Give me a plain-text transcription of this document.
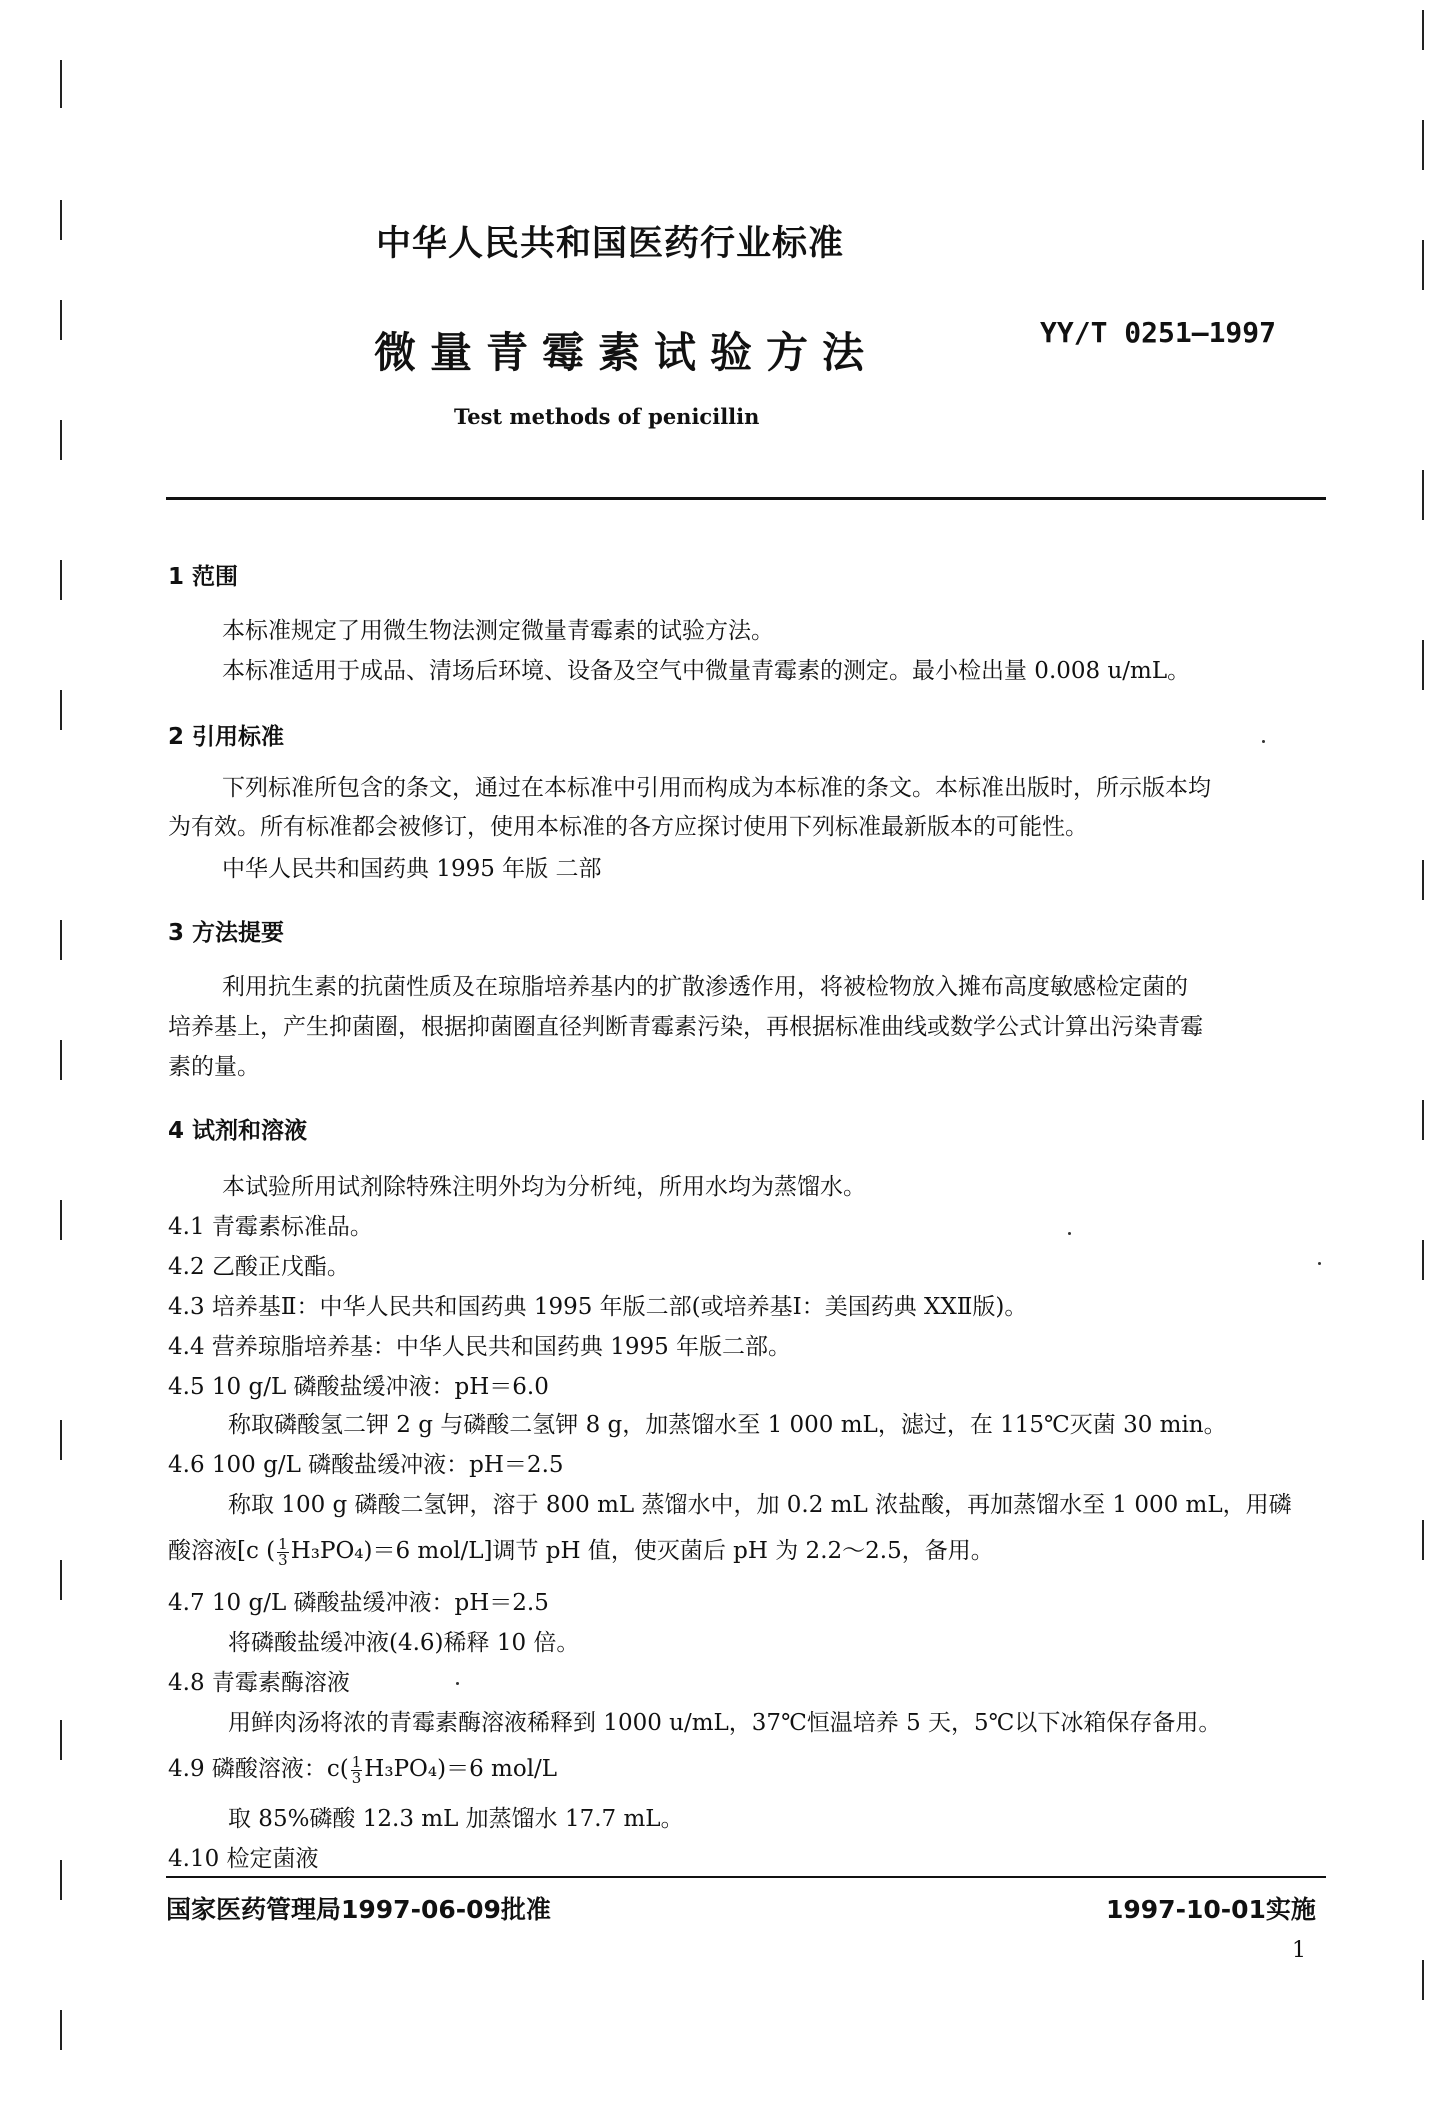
中华人民共和国医药行业标准
微量青霉素试验方法	YY/T 0251—1997
Test methods of penicillin
1 范围
本标准规定了用微生物法测定微量青霉素的试验方法。
本标准适用于成品、清场后环境、设备及空气中微量青霉素的测定。最小检出量 0.008 u/mL。
2 引用标准
下列标准所包含的条文，通过在本标准中引用而构成为本标准的条文。本标准出版时，所示版本均
为有效。所有标准都会被修订，使用本标准的各方应探讨使用下列标准最新版本的可能性。
中华人民共和国药典 1995 年版 二部
3 方法提要
利用抗生素的抗菌性质及在琼脂培养基内的扩散渗透作用，将被检物放入摊布高度敏感检定菌的
培养基上，产生抑菌圈，根据抑菌圈直径判断青霉素污染，再根据标准曲线或数学公式计算出污染青霉
素的量。
4 试剂和溶液
本试验所用试剂除特殊注明外均为分析纯，所用水均为蒸馏水。
4.1 青霉素标准品。
4.2 乙酸正戊酯。
4.3 培养基Ⅱ：中华人民共和国药典 1995 年版二部(或培养基Ⅰ：美国药典 XXⅡ版)。
4.4 营养琼脂培养基：中华人民共和国药典 1995 年版二部。
4.5 10 g/L 磷酸盐缓冲液：pH＝6.0
称取磷酸氢二钾 2 g 与磷酸二氢钾 8 g，加蒸馏水至 1 000 mL，滤过，在 115℃灭菌 30 min。
4.6 100 g/L 磷酸盐缓冲液：pH＝2.5
称取 100 g 磷酸二氢钾，溶于 800 mL 蒸馏水中，加 0.2 mL 浓盐酸，再加蒸馏水至 1 000 mL，用磷
酸溶液[c ( $\frac{1}{3} H_3PO_4)=6$ mol/L]调节 pH 值，使灭菌后 pH 为 2.2～2.5，备用。
4.7 10 g/L 磷酸盐缓冲液：pH＝2.5
将磷酸盐缓冲液(4.6)稀释 10 倍。
4.8 青霉素酶溶液
用鲜肉汤将浓的青霉素酶溶液稀释到 1000 u/mL，37℃恒温培养 5 天，5℃以下冰箱保存备用。
4.9 磷酸溶液：$c( \frac{1}{3} H_3PO_4)=6$ mol/L
取 85%磷酸 12.3 mL 加蒸馏水 17.7 mL。
4.10 检定菌液
国家医药管理局1997-06-09批准	1997-10-01实施
1
